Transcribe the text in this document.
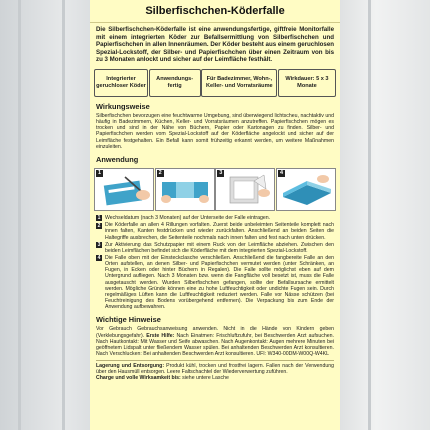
Silberfischchen-Köderfalle
Die Silberfischchen-Köderfalle ist eine anwendungsfertige, giftfreie Monitorfalle mit einem integrierten Köder zur Befallsermittlung von Silberfischchen und Papierfischchen in allen Innenräumen. Der Köder besteht aus einem geruchlosen Spezial-Lockstoff, der Silber- und Papierfischchen über einen Zeitraum von bis zu 3 Monaten anlockt und sicher auf der Leimfläche festhält.
Integrierter geruchloser Köder
Anwendungs-fertig
Für Badezimmer, Wohn-, Keller- und Vorratsräume
Wirkdauer: 5 x 3 Monate
Wirkungsweise
Silberfischchen bevorzugen eine feuchtwarme Umgebung, sind überwiegend lichtscheu, nachtaktiv und häufig in Badezimmern, Küchen, Keller- und Vorratsräumen anzutreffen. Papierfischchen mögen es trocken und sind in der Nähe von Büchern, Papier oder Kartonagen zu finden. Silber- und Papierfischchen werden vom Spezial-Lockstoff auf der Köderfläche angelockt und sicher auf der Leimfläche festgehalten. Ein Befall kann somit frühzeitig erkannt werden, um weitere Maßnahmen einzuleiten.
Anwendung
1	2	3	4
1 Wechseldatum (nach 3 Monaten) auf der Unterseite der Falle eintragen.
2 Die Köderfalle an allen 4 Rillungen vorfalten. Zuerst beide unbeleimten Seitenteile komplett nach innen falten, Kanten festdrücken und wieder zurückfalten. Anschließend an beiden Seiten die Haltegriffe ausbrechen, die Seitenteile nochmals nach innen falten und fest nach unten drücken.
3 Zur Aktivierung das Schutzpapier mit einem Ruck von der Leimfläche abziehen. Zwischen den beiden Leimflächen befindet sich die Köderfläche mit dem integrierten Spezial-Lockstoff.
4 Die Falle oben mit der Einsteckclasche verschließen. Anschließend die fangbereite Falle an den Orten aufstellen, an denen Silber- und Papierfischchen vermutet werden (unter Schränken, an Fugen, in Ecken oder hinter Büchern in Regalen). Die Falle sollte möglichst eben auf dem Untergrund aufliegen. Nach 3 Monaten bzw. wenn die Fangfläche voll besetzt ist, muss die Falle ausgetauscht werden. Wurden Silberfischchen gefangen, sollte der Befallsursache ermittelt werden. Mögliche Gründe können eine zu hohe Luftfeuchtigkeit oder undichte Fugen sein. Durch regelmäßiges Lüften kann die Luftfeuchtigkeit reduziert werden. Falle vor Nässe schützen (bei Feuchtreinigung des Bodens vorübergehend entfernen). Die Verpackung bis zum Ende der Anwendung aufbewahren.
Wichtige Hinweise
Vor Gebrauch Gebrauchsanweisung anwenden. Nicht in die Hände von Kindern geben (Verklebungsgefahr). Erste Hilfe: Nach Einatmen: Frischluftzufuhr, bei Beschwerden Arzt aufsuchen. Nach Hautkontakt: Mit Wasser und Seife abwaschen. Nach Augenkontakt: Augen mehrere Minuten bei geöffnetem Lidspalt unter fließendem Wasser spülen. Bei anhaltenden Beschwerden Arzt konsultieren. Nach Verschlucken: Bei anhaltenden Beschwerden Arzt konsultieren. UFI: W340-00DM-W00Q-W4KL
Lagerung und Entsorgung: Produkt kühl, trocken und frostfrei lagern. Fallen nach der Verwendung über den Hausmüll entsorgen. Leere Faltschachtel der Wiederverwertung zuführen.
Charge und volle Wirksamkeit bis: siehe untere Lasche
